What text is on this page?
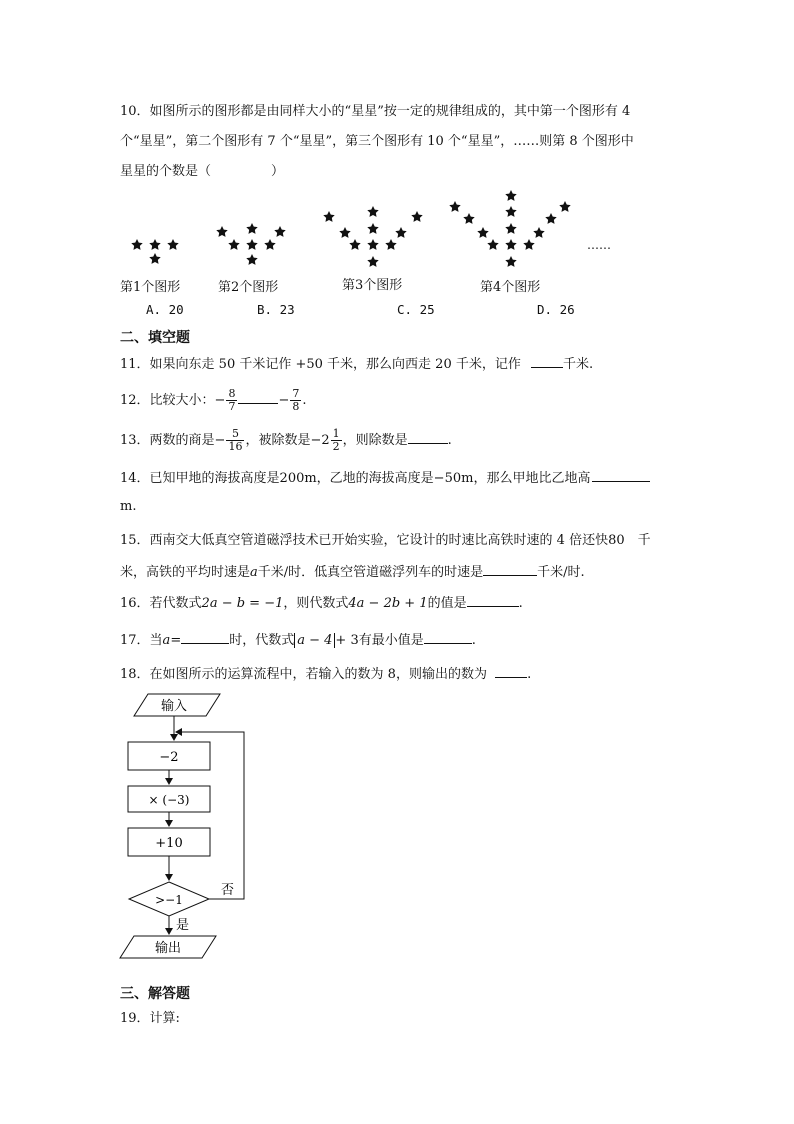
10．如图所示的图形都是由同样大小的“星星”按一定的规律组成的，其中第一个图形有 4
个“星星”，第二个图形有 7 个“星星”，第三个图形有 10 个“星星”，……则第 8 个图形中
星星的个数是（	）
……
第1个图形	第2个图形	第3个图形	第4个图形
A. 20	B. 23	C. 25	D. 26
二、填空题
11．如果向东走 50 千米记作 +50 千米，那么向西走 20 千米，记作	千米.
12．比较大小：− $\frac{8}{7}$	− $\frac{7}{8}$ .
13．两数的商是− $\frac{5}{16}$ ，被除数是$-2 \frac{1}{2}$ ，则除数是	.
14．已知甲地的海拔高度是200m，乙地的海拔高度是−50m，那么甲地比乙地高
m.
15．西南交大低真空管道磁浮技术已开始实验，它设计的时速比高铁时速的 4 倍还快80　千
米，高铁的平均时速是a千米/时．低真空管道磁浮列车的时速是	千米/时.
16．若代数式2a − b = −1，则代数式4a − 2b + 1的值是	.
17．当a=	时，代数式 a − 4 + 3有最小值是	.
18．在如图所示的运算流程中，若输入的数为 8，则输出的数为	.
输入
−2
× (−3)
+10
>−1
否
是
输出
三、解答题
19．计算:
